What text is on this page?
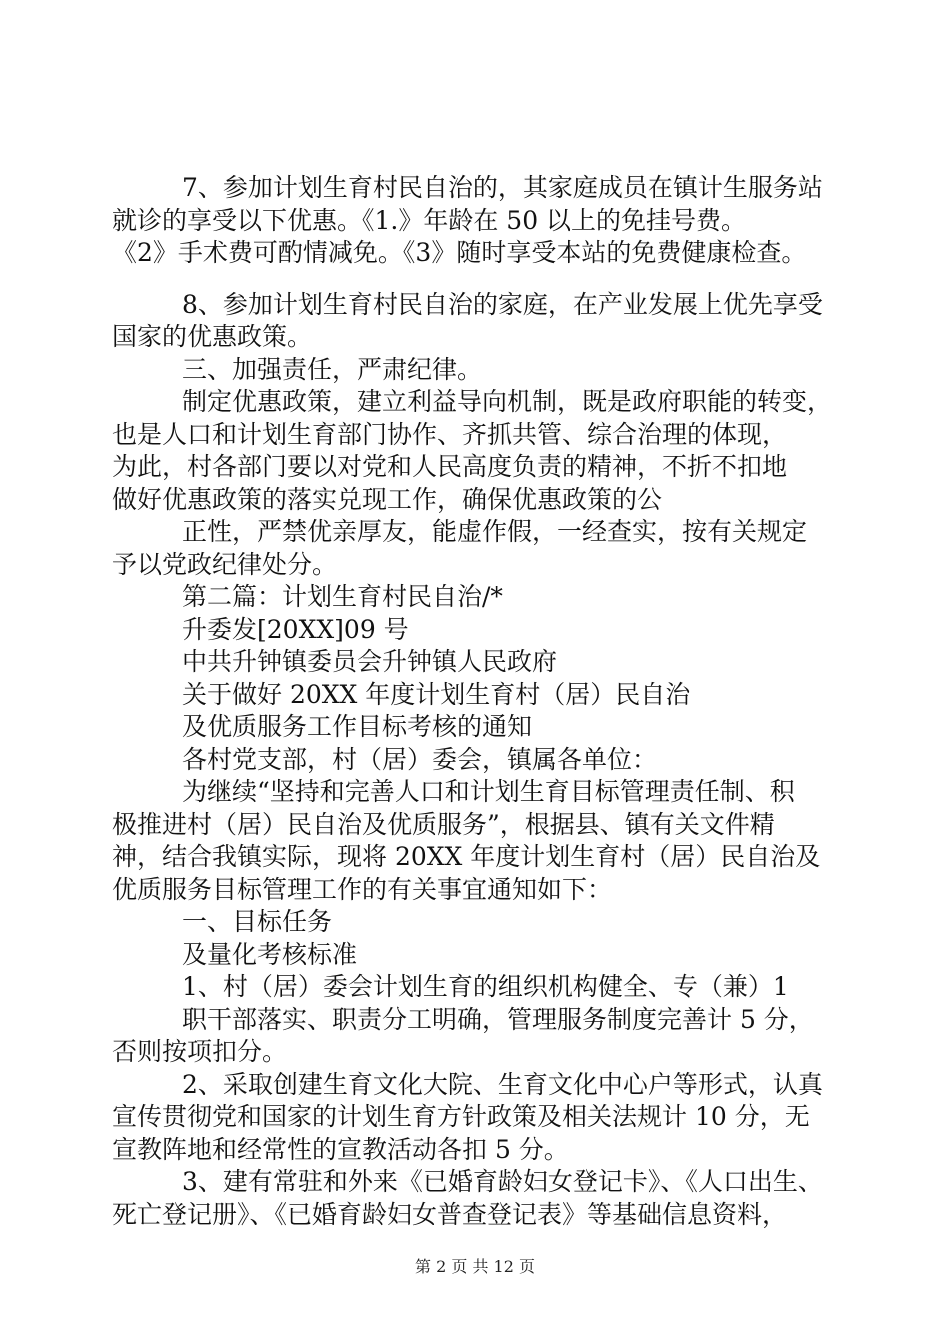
7、参加计划生育村民自治的，其家庭成员在镇计生服务站
就诊的享受以下优惠。《1.》年龄在 50 以上的免挂号费。
《2》手术费可酌情减免。《3》随时享受本站的免费健康检查。
8、参加计划生育村民自治的家庭，在产业发展上优先享受
国家的优惠政策。
三、加强责任，严肃纪律。
制定优惠政策，建立利益导向机制，既是政府职能的转变，
也是人口和计划生育部门协作、齐抓共管、综合治理的体现，
为此，村各部门要以对党和人民高度负责的精神，不折不扣地
做好优惠政策的落实兑现工作，确保优惠政策的公
正性，严禁优亲厚友，能虚作假，一经查实，按有关规定
予以党政纪律处分。
第二篇：计划生育村民自治/*
升委发[20XX]09 号
中共升钟镇委员会升钟镇人民政府
关于做好 20XX 年度计划生育村（居）民自治
及优质服务工作目标考核的通知
各村党支部，村（居）委会，镇属各单位：
为继续“坚持和完善人口和计划生育目标管理责任制、积
极推进村（居）民自治及优质服务”，根据县、镇有关文件精
神，结合我镇实际，现将 20XX 年度计划生育村（居）民自治及
优质服务目标管理工作的有关事宜通知如下：
一、目标任务
及量化考核标准
1、村（居）委会计划生育的组织机构健全、专（兼）1
职干部落实、职责分工明确，管理服务制度完善计 5 分，
否则按项扣分。
2、采取创建生育文化大院、生育文化中心户等形式，认真
宣传贯彻党和国家的计划生育方针政策及相关法规计 10 分，无
宣教阵地和经常性的宣教活动各扣 5 分。
3、建有常驻和外来《已婚育龄妇女登记卡》、《人口出生、
死亡登记册》、《已婚育龄妇女普查登记表》等基础信息资料，
第 2 页 共 12 页
